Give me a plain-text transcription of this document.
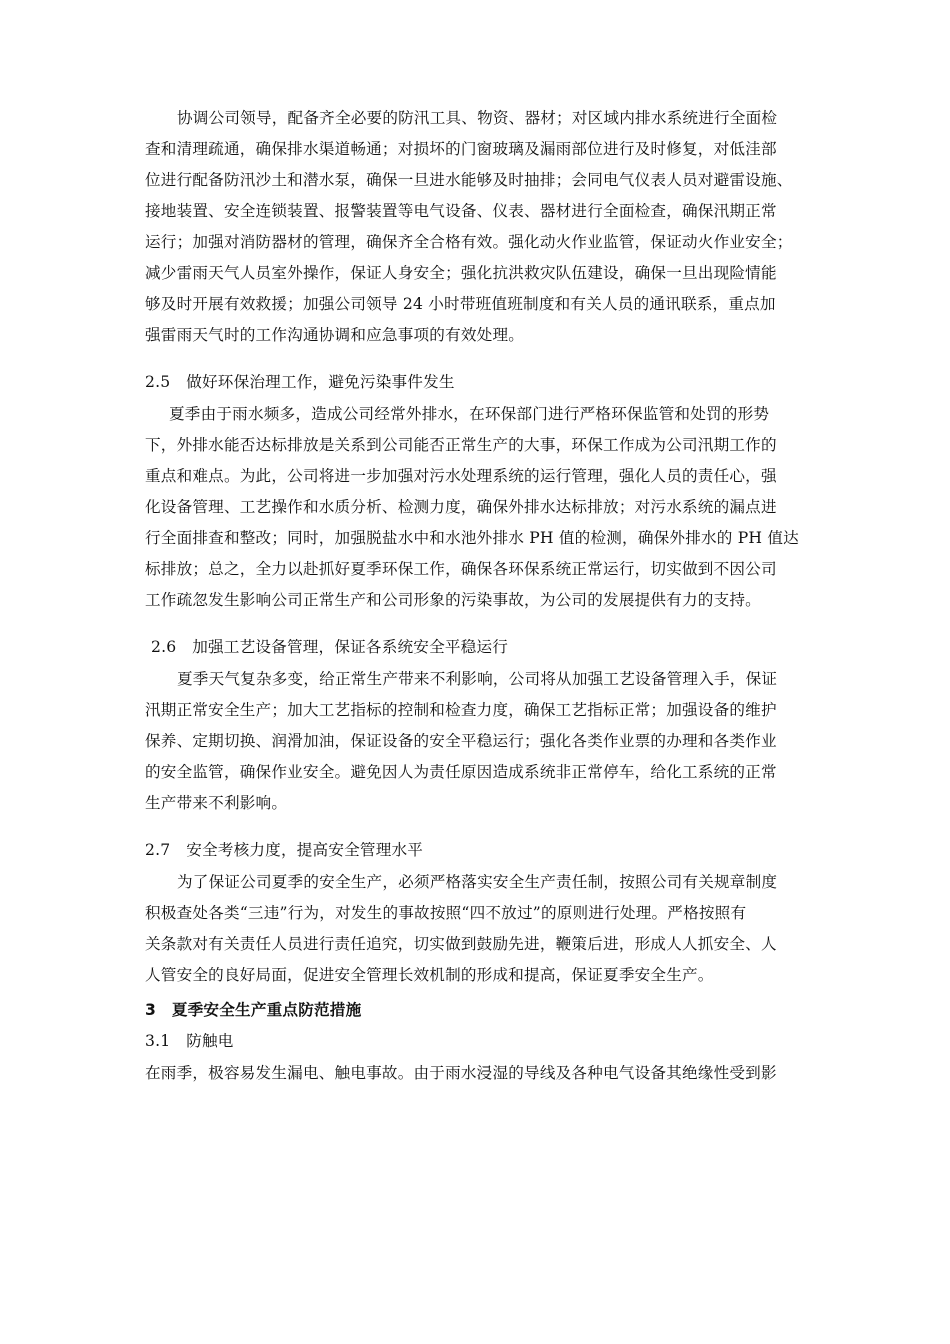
协调公司领导，配备齐全必要的防汛工具、物资、器材；对区域内排水系统进行全面检
查和清理疏通，确保排水渠道畅通；对损坏的门窗玻璃及漏雨部位进行及时修复，对低洼部
位进行配备防汛沙土和潜水泵，确保一旦进水能够及时抽排；会同电气仪表人员对避雷设施、
接地装置、安全连锁装置、报警装置等电气设备、仪表、器材进行全面检查，确保汛期正常
运行；加强对消防器材的管理，确保齐全合格有效。强化动火作业监管，保证动火作业安全；
减少雷雨天气人员室外操作，保证人身安全；强化抗洪救灾队伍建设，确保一旦出现险情能
够及时开展有效救援；加强公司领导 24 小时带班值班制度和有关人员的通讯联系，重点加
强雷雨天气时的工作沟通协调和应急事项的有效处理。
2.5　做好环保治理工作，避免污染事件发生
夏季由于雨水频多，造成公司经常外排水，在环保部门进行严格环保监管和处罚的形势
下，外排水能否达标排放是关系到公司能否正常生产的大事，环保工作成为公司汛期工作的
重点和难点。为此，公司将进一步加强对污水处理系统的运行管理，强化人员的责任心，强
化设备管理、工艺操作和水质分析、检测力度，确保外排水达标排放；对污水系统的漏点进
行全面排查和整改；同时，加强脱盐水中和水池外排水 PH 值的检测，确保外排水的 PH 值达
标排放；总之，全力以赴抓好夏季环保工作，确保各环保系统正常运行，切实做到不因公司
工作疏忽发生影响公司正常生产和公司形象的污染事故，为公司的发展提供有力的支持。
2.6　加强工艺设备管理，保证各系统安全平稳运行
夏季天气复杂多变，给正常生产带来不利影响，公司将从加强工艺设备管理入手，保证
汛期正常安全生产；加大工艺指标的控制和检查力度，确保工艺指标正常；加强设备的维护
保养、定期切换、润滑加油，保证设备的安全平稳运行；强化各类作业票的办理和各类作业
的安全监管，确保作业安全。避免因人为责任原因造成系统非正常停车，给化工系统的正常
生产带来不利影响。
2.7　安全考核力度，提高安全管理水平
为了保证公司夏季的安全生产，必须严格落实安全生产责任制，按照公司有关规章制度
积极查处各类“三违”行为，对发生的事故按照“四不放过”的原则进行处理。严格按照有
关条款对有关责任人员进行责任追究，切实做到鼓励先进，鞭策后进，形成人人抓安全、人
人管安全的良好局面，促进安全管理长效机制的形成和提高，保证夏季安全生产。
3　夏季安全生产重点防范措施
3.1　防触电
在雨季，极容易发生漏电、触电事故。由于雨水浸湿的导线及各种电气设备其绝缘性受到影
